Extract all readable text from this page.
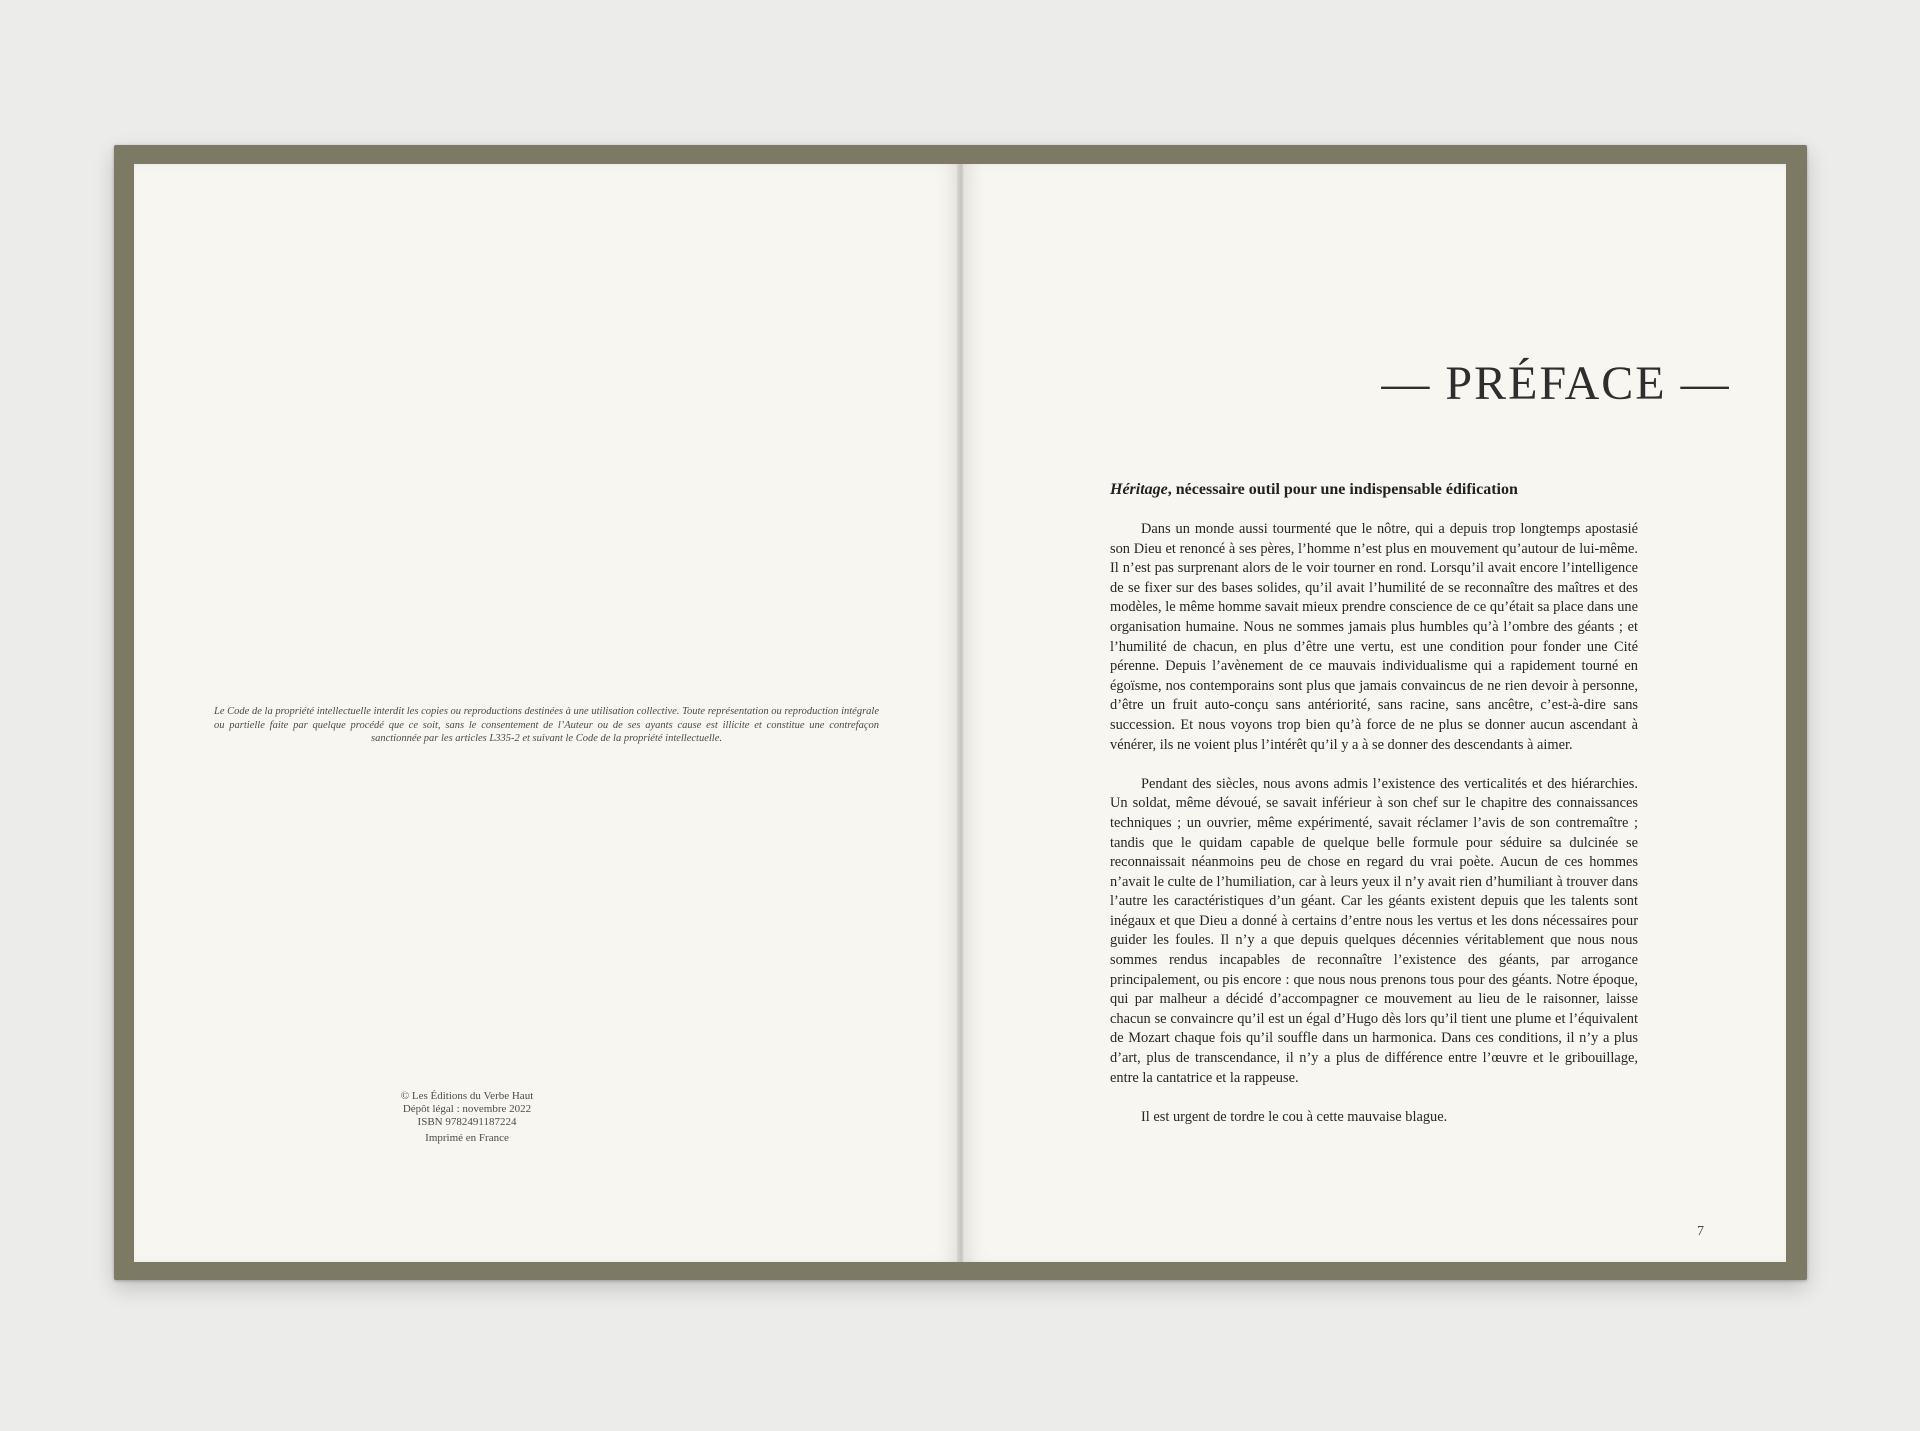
Le Code de la propriété intellectuelle interdit les copies ou reproductions destinées à une utilisation collective. Toute représentation ou reproduction intégrale ou partielle faite par quelque procédé que ce soit, sans le consentement de l’Auteur ou de ses ayants cause est illicite et constitue une contrefaçon sanctionnée par les articles L335-2 et suivant le Code de la propriété intellectuelle.

© Les Éditions du Verbe Haut
Dépôt légal : novembre 2022
ISBN 9782491187224
Imprimé en France
— PRÉFACE —

Héritage, nécessaire outil pour une indispensable édification

Dans un monde aussi tourmenté que le nôtre, qui a depuis trop longtemps apostasié son Dieu et renoncé à ses pères, l’homme n’est plus en mouvement qu’autour de lui-même. Il n’est pas surprenant alors de le voir tourner en rond. Lorsqu’il avait encore l’intelligence de se fixer sur des bases solides, qu’il avait l’humilité de se reconnaître des maîtres et des modèles, le même homme savait mieux prendre conscience de ce qu’était sa place dans une organisation humaine. Nous ne sommes jamais plus humbles qu’à l’ombre des géants ; et l’humilité de chacun, en plus d’être une vertu, est une condition pour fonder une Cité pérenne. Depuis l’avènement de ce mauvais individualisme qui a rapidement tourné en égoïsme, nos contemporains sont plus que jamais convaincus de ne rien devoir à personne, d’être un fruit auto-conçu sans antériorité, sans racine, sans ancêtre, c’est-à-dire sans succession. Et nous voyons trop bien qu’à force de ne plus se donner aucun ascendant à vénérer, ils ne voient plus l’intérêt qu’il y a à se donner des descendants à aimer.

Pendant des siècles, nous avons admis l’existence des verticalités et des hiérarchies. Un soldat, même dévoué, se savait inférieur à son chef sur le chapitre des connaissances techniques ; un ouvrier, même expérimenté, savait réclamer l’avis de son contremaître ; tandis que le quidam capable de quelque belle formule pour séduire sa dulcinée se reconnaissait néanmoins peu de chose en regard du vrai poète. Aucun de ces hommes n’avait le culte de l’humiliation, car à leurs yeux il n’y avait rien d’humiliant à trouver dans l’autre les caractéristiques d’un géant. Car les géants existent depuis que les talents sont inégaux et que Dieu a donné à certains d’entre nous les vertus et les dons nécessaires pour guider les foules. Il n’y a que depuis quelques décennies véritablement que nous nous sommes rendus incapables de reconnaître l’existence des géants, par arrogance principalement, ou pis encore : que nous nous prenons tous pour des géants. Notre époque, qui par malheur a décidé d’accompagner ce mouvement au lieu de le raisonner, laisse chacun se convaincre qu’il est un égal d’Hugo dès lors qu’il tient une plume et l’équivalent de Mozart chaque fois qu’il souffle dans un harmonica. Dans ces conditions, il n’y a plus d’art, plus de transcendance, il n’y a plus de différence entre l’œuvre et le gribouillage, entre la cantatrice et la rappeuse.

Il est urgent de tordre le cou à cette mauvaise blague.

7
